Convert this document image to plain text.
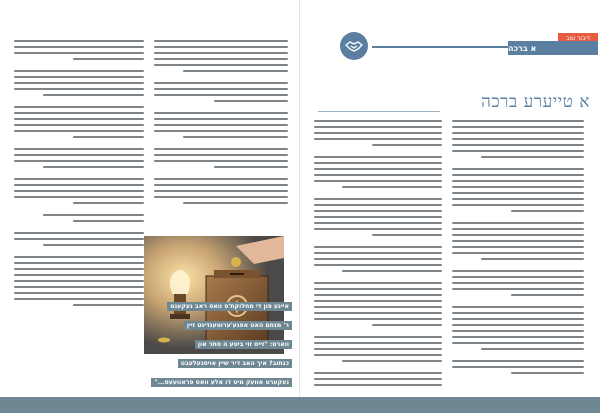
איינע פון די מחלוקת'ס וואס ראב נעקענט
ר' מנחם האט אפגע'ערוטענדיגט זיין
ווארט: "זייט זוי ביטע ה סתר און
כנתוב? איך האב דיר שיין אויסגעלעבט
נעקערט אוועק מיט דו אלע וואס פראוועעס..."
דיבור טוב
א ברכה
א טייערע ברכה
